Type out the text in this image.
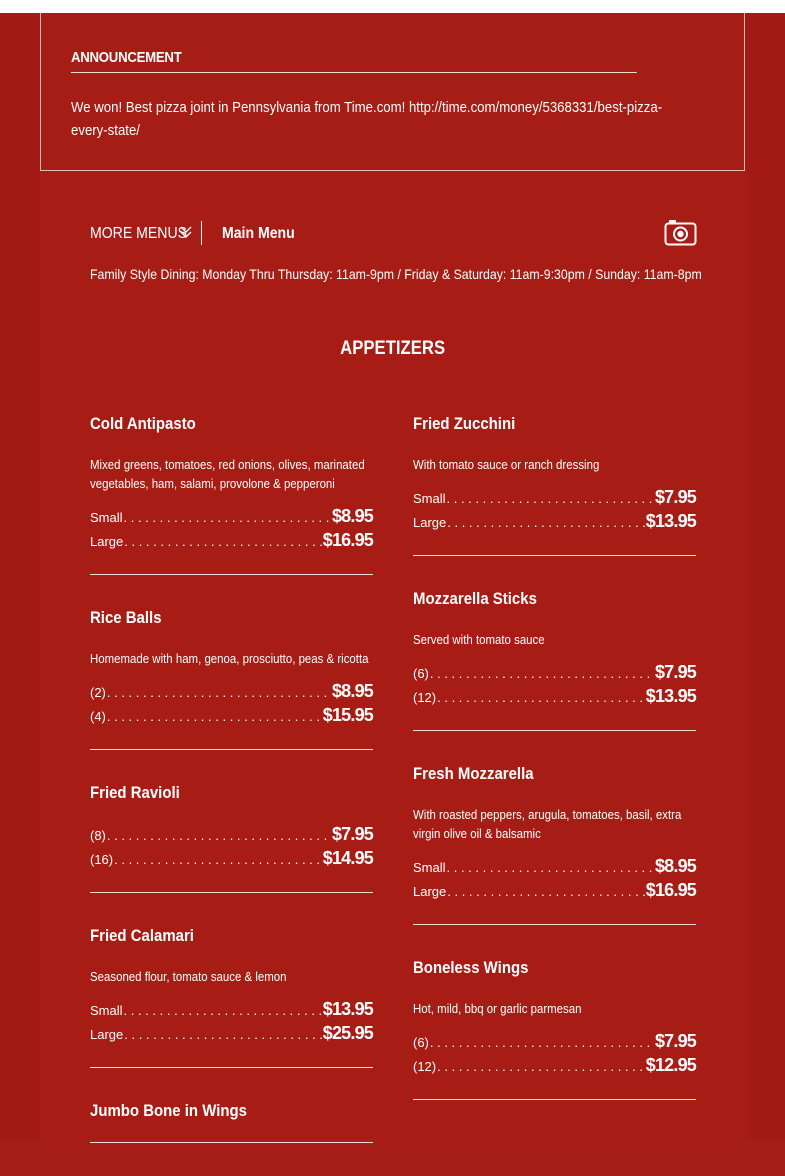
ANNOUNCEMENT
We won! Best pizza joint in Pennsylvania from Time.com! http://time.com/money/5368331/best-pizza-every-state/
MORE MENUS Main Menu
Family Style Dining: Monday Thru Thursday: 11am-9pm / Friday & Saturday: 11am-9:30pm / Sunday: 11am-8pm
APPETIZERS
Cold Antipasto
Mixed greens, tomatoes, red onions, olives, marinated vegetables, ham, salami, provolone & pepperoni
Small . . .	$8.95
Large . . .	$16.95
Rice Balls
Homemade with ham, genoa, prosciutto, peas & ricotta
(2) . . .	$8.95
(4) . . .	$15.95
Fried Ravioli
(8) . . .	$7.95
(16) . . .	$14.95
Fried Calamari
Seasoned flour, tomato sauce & lemon
Small . . .	$13.95
Large . . .	$25.95
Jumbo Bone in Wings
Fried Zucchini
With tomato sauce or ranch dressing
Small . . .	$7.95
Large . . .	$13.95
Mozzarella Sticks
Served with tomato sauce
(6) . . .	$7.95
(12) . . .	$13.95
Fresh Mozzarella
With roasted peppers, arugula, tomatoes, basil, extra virgin olive oil & balsamic
Small . . .	$8.95
Large . . .	$16.95
Boneless Wings
Hot, mild, bbq or garlic parmesan
(6) . . .	$7.95
(12) . . .	$12.95
